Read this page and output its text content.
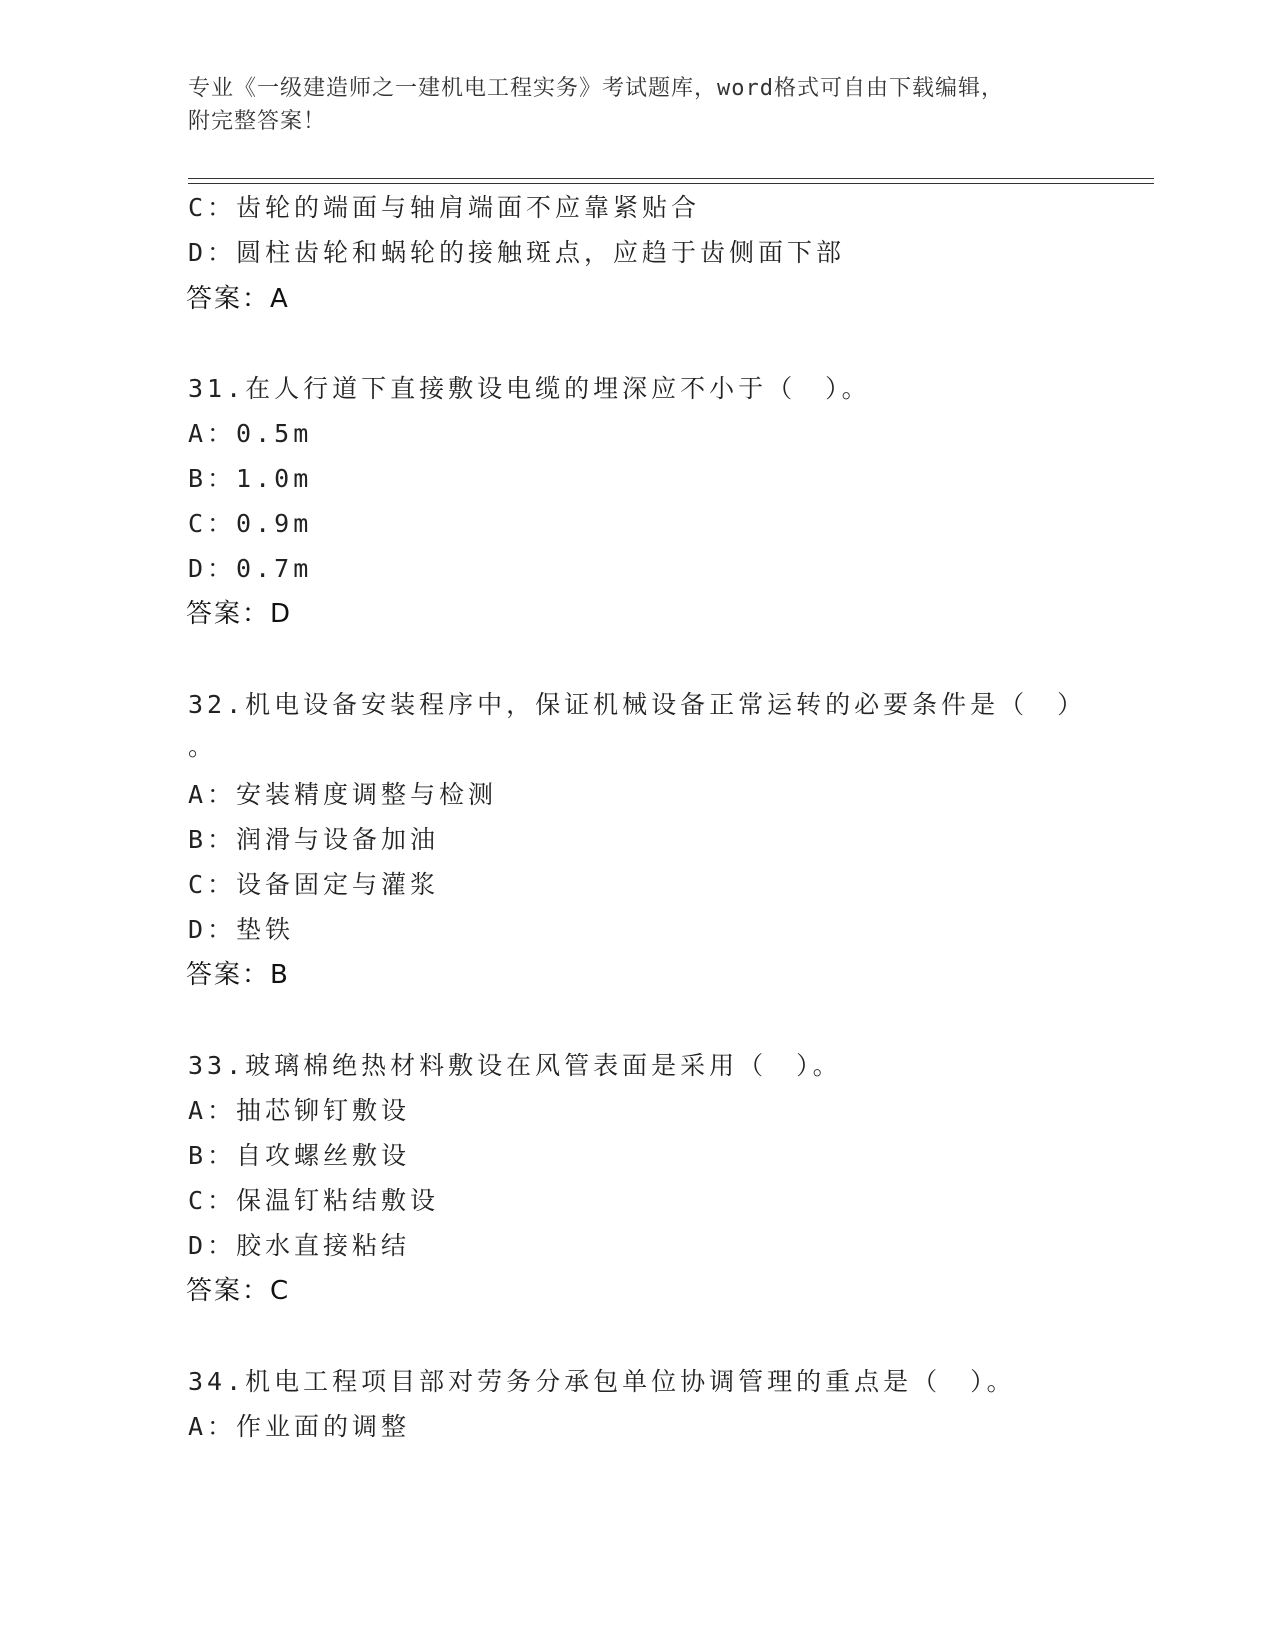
专业《一级建造师之一建机电工程实务》考试题库，word格式可自由下载编辑，
附完整答案！
C：齿轮的端面与轴肩端面不应靠紧贴合
D：圆柱齿轮和蜗轮的接触斑点，应趋于齿侧面下部
答案：A
31.在人行道下直接敷设电缆的埋深应不小于（　）。
A：0.5m
B：1.0m
C：0.9m
D：0.7m
答案：D
32.机电设备安装程序中，保证机械设备正常运转的必要条件是（　）
。
A：安装精度调整与检测
B：润滑与设备加油
C：设备固定与灌浆
D：垫铁
答案：B
33.玻璃棉绝热材料敷设在风管表面是采用（　）。
A：抽芯铆钉敷设
B：自攻螺丝敷设
C：保温钉粘结敷设
D：胶水直接粘结
答案：C
34.机电工程项目部对劳务分承包单位协调管理的重点是（　）。
A：作业面的调整
